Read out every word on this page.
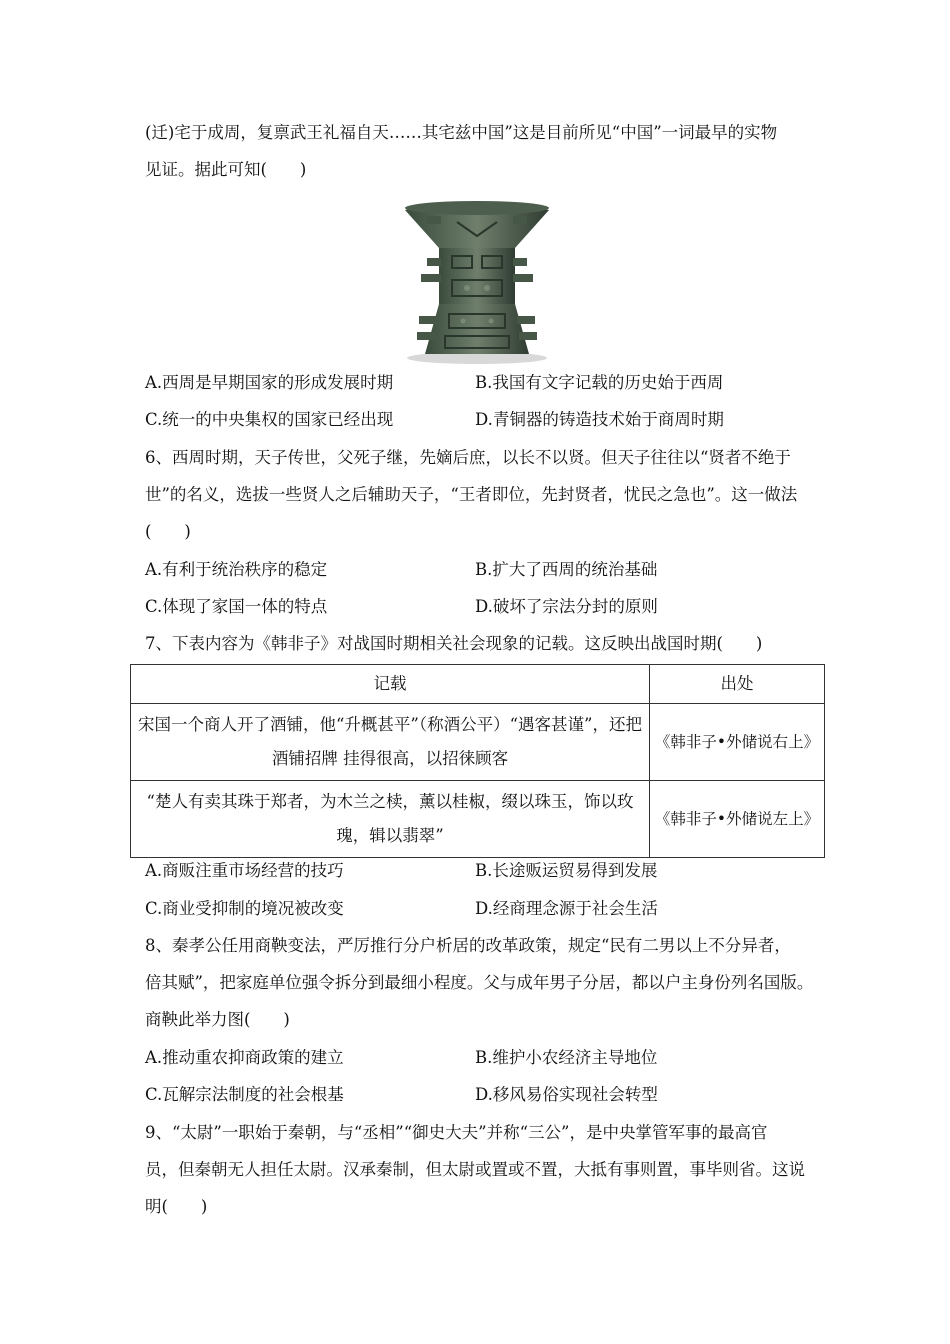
(迁)宅于成周，复禀武王礼福自天……其宅兹中国”这是目前所见“中国”一词最早的实物
见证。据此可知(　　)
A.西周是早期国家的形成发展时期	B.我国有文字记载的历史始于西周
C.统一的中央集权的国家已经出现	D.青铜器的铸造技术始于商周时期
6、西周时期，天子传世，父死子继，先嫡后庶，以长不以贤。但天子往往以“贤者不绝于
世”的名义，选拔一些贤人之后辅助天子，“王者即位，先封贤者，忧民之急也”。这一做法
(　　)
A.有利于统治秩序的稳定	B.扩大了西周的统治基础
C.体现了家国一体的特点	D.破坏了宗法分封的原则
7、下表内容为《韩非子》对战国时期相关社会现象的记载。这反映出战国时期(　　)
记载	出处
宋国一个商人开了酒铺，他“升概甚平”（称酒公平）“遇客甚谨”，还把酒铺招牌 挂得很高，以招徕顾客	《韩非子•外储说右上》
“楚人有卖其珠于郑者，为木兰之椟，薰以桂椒，缀以珠玉，饰以玫瑰，辑以翡翠”	《韩非子•外储说左上》
A.商贩注重市场经营的技巧	B.长途贩运贸易得到发展
C.商业受抑制的境况被改变	D.经商理念源于社会生活
8、秦孝公任用商鞅变法，严厉推行分户析居的改革政策，规定“民有二男以上不分异者，
倍其赋”，把家庭单位强令拆分到最细小程度。父与成年男子分居，都以户主身份列名国版。
商鞅此举力图(　　)
A.推动重农抑商政策的建立	B.维护小农经济主导地位
C.瓦解宗法制度的社会根基	D.移风易俗实现社会转型
9、“太尉”一职始于秦朝，与“丞相”“御史大夫”并称“三公”，是中央掌管军事的最高官
员，但秦朝无人担任太尉。汉承秦制，但太尉或置或不置，大抵有事则置，事毕则省。这说
明(　　)
